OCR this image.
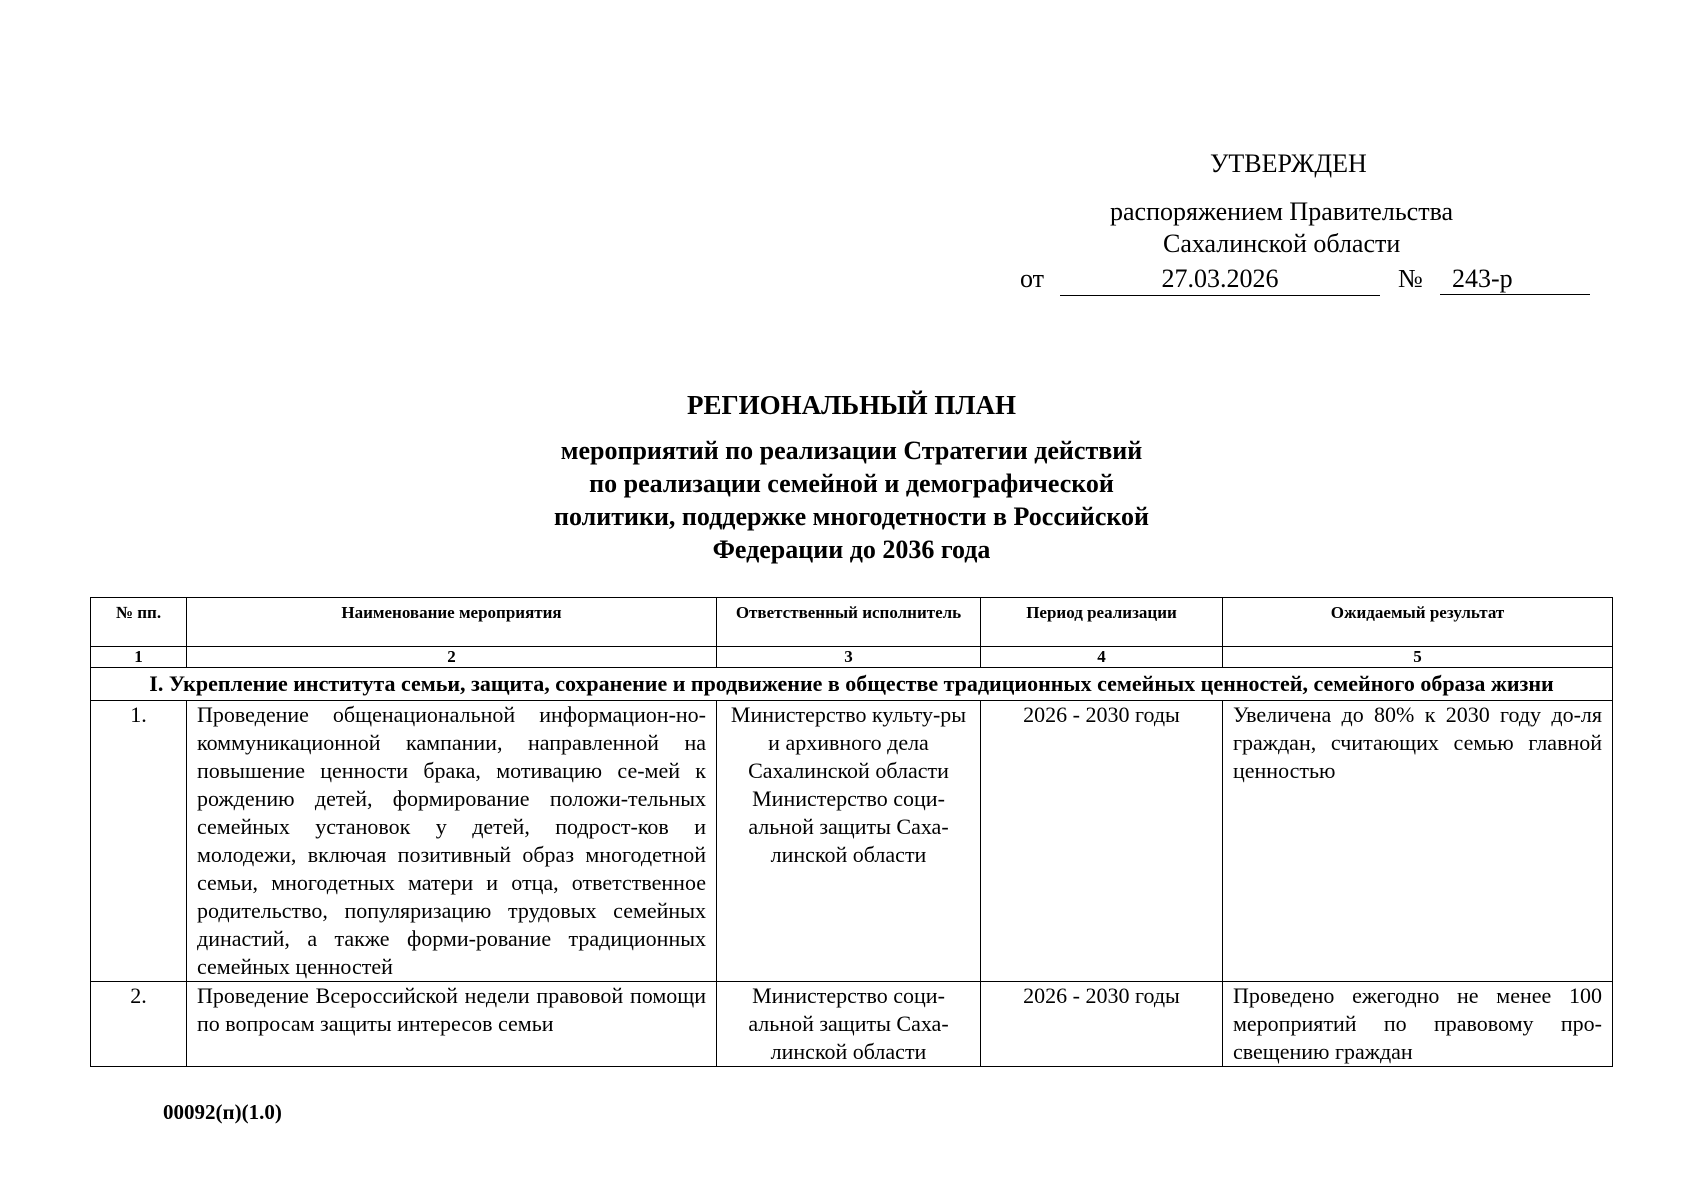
УТВЕРЖДЕН
распоряжением Правительства
Сахалинской области
от	27.03.2026	№	243-р
РЕГИОНАЛЬНЫЙ ПЛАН
мероприятий по реализации Стратегии действий
по реализации семейной и демографической
политики, поддержке многодетности в Российской
Федерации до 2036 года
№ пп.	Наименование мероприятия	Ответственный исполнитель	Период реализации	Ожидаемый результат
1	2	3	4	5
I. Укрепление института семьи, защита, сохранение и продвижение в обществе традиционных семейных ценностей, семейного образа жизни				
1.	Проведение общенациональной информацион-но-коммуникационной кампании, направленной на повышение ценности брака, мотивацию се-мей к рождению детей, формирование положи-тельных семейных установок у детей, подрост-ков и молодежи, включая позитивный образ многодетной семьи, многодетных матери и отца, ответственное родительство, популяризацию трудовых семейных династий, а также форми-рование традиционных семейных ценностей	Министерство культу-ры и архивного дела Сахалинской области Министерство соци-альной защиты Саха-линской области	2026 - 2030 годы	Увеличена до 80% к 2030 году до-ля граждан, считающих семью главной ценностью
2.	Проведение Всероссийской недели правовой помощи по вопросам защиты интересов семьи	Министерство соци-альной защиты Саха-линской области	2026 - 2030 годы	Проведено ежегодно не менее 100 мероприятий по правовому про-свещению граждан
00092(п)(1.0)
